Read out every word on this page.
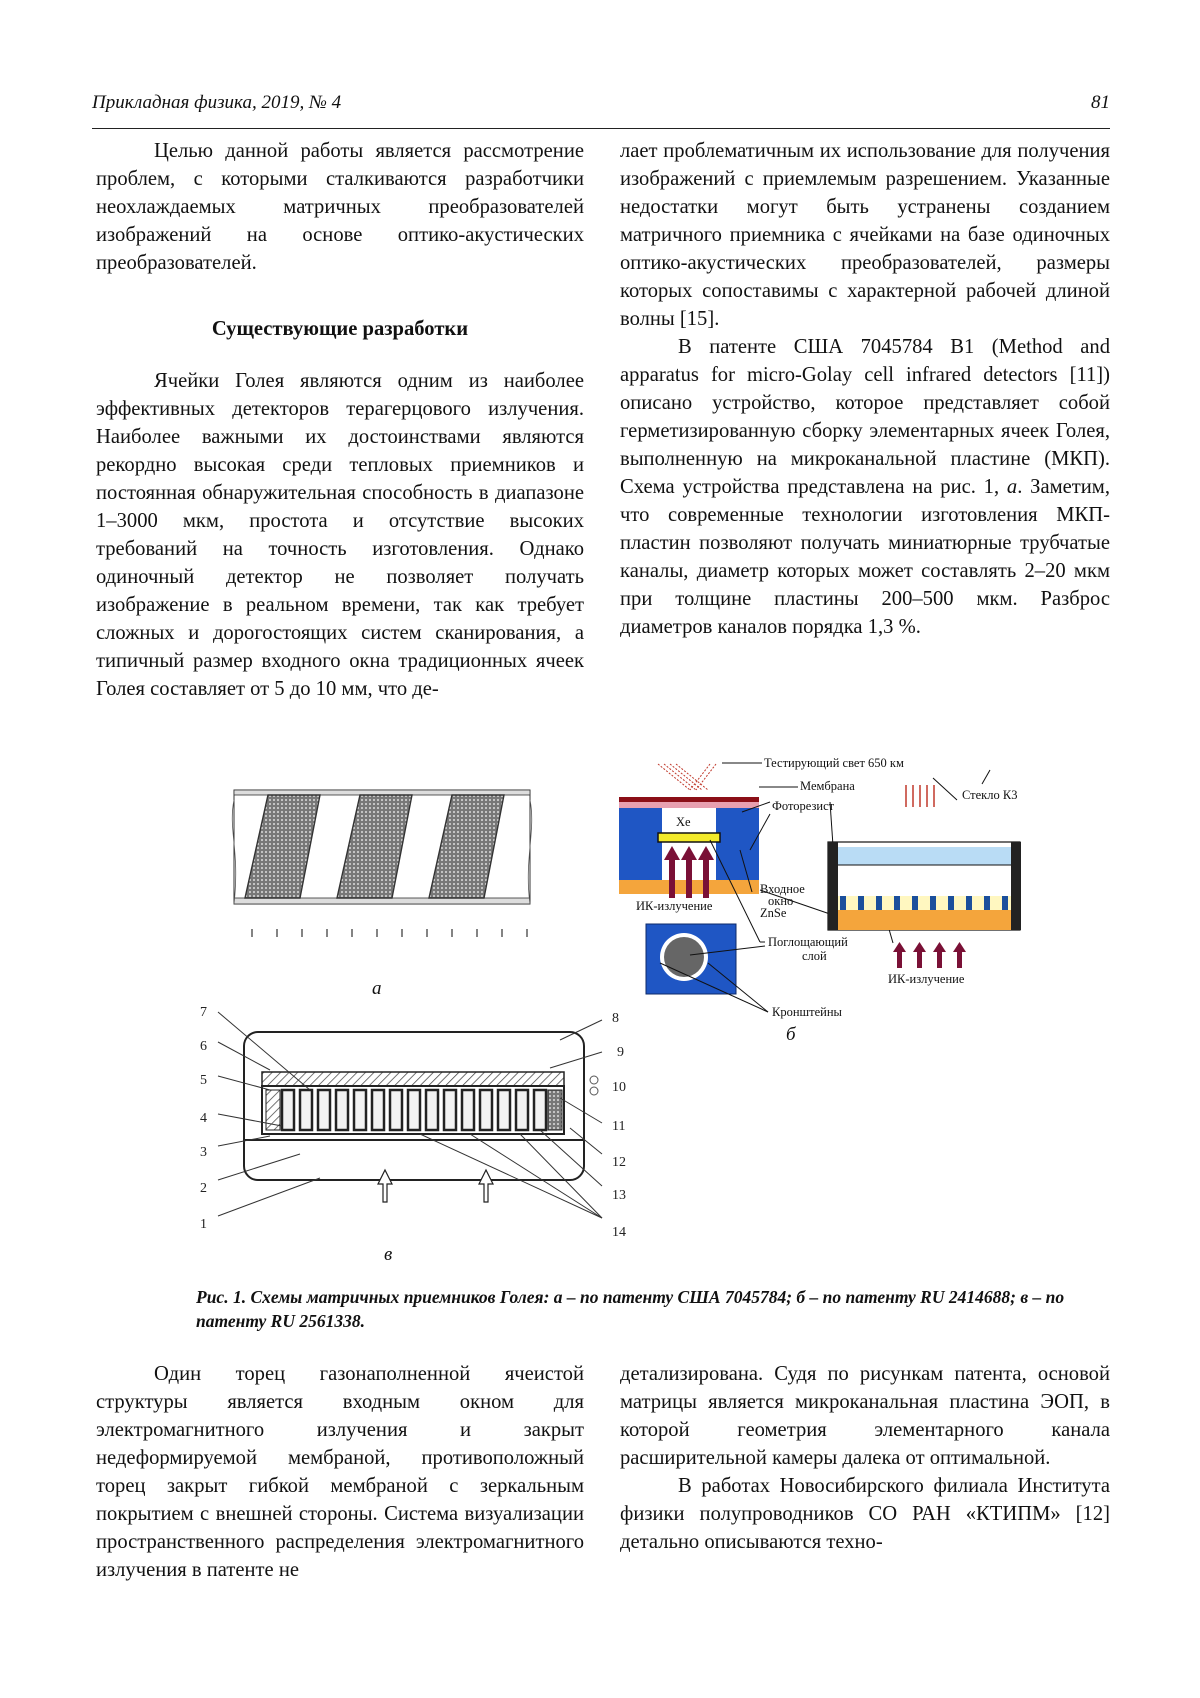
Прикладная физика, 2019, № 4	81

Целью данной работы является рассмотрение проблем, с которыми сталкиваются разработчики неохлаждаемых матричных преобразователей изображений на основе оптико-акустических преобразователей.

Существующие разработки

Ячейки Голея являются одним из наиболее эффективных детекторов терагерцового излучения. Наиболее важными их достоинствами являются рекордно высокая среди тепловых приемников и постоянная обнаружительная способность в диапазоне 1–3000 мкм, простота и отсутствие высоких требований на точность изготовления. Однако одиночный детектор не позволяет получать изображение в реальном времени, так как требует сложных и дорогостоящих систем сканирования, а типичный размер входного окна традиционных ячеек Голея составляет от 5 до 10 мм, что де-

лает проблематичным их использование для получения изображений с приемлемым разрешением. Указанные недостатки могут быть устранены созданием матричного приемника с ячейками на базе одиночных оптико-акустических преобразователей, размеры которых сопоставимы с характерной рабочей длиной волны [15].

В патенте США 7045784 B1 (Method and apparatus for micro-Golay cell infrared detectors [11]) описано устройство, которое представляет собой герметизированную сборку элементарных ячеек Голея, выполненную на микроканальной пластине (МКП). Схема устройства представлена на рис. 1, а. Заметим, что современные технологии изготовления МКП-пластин позволяют получать миниатюрные трубчатые каналы, диаметр которых может составлять 2–20 мкм при толщине пластины 200–500 мкм. Разброс диаметров каналов порядка 1,3 %.

Тестирующий свет 650 км
Мембрана
Xe
Фоторезист
Стекло К3
Входное
окно
ZnSe
ИК-излучение
ИК-излучение
Поглощающий
слой
Кронштейны
7
6
5
4
3
2
1
8
9
10
11
12
13
14
а
б
в
Рис. 1. Схемы матричных приемников Голея: а – по патенту США 7045784; б – по патенту RU 2414688; в – по патенту RU 2561338.

Один торец газонаполненной ячеистой структуры является входным окном для электромагнитного излучения и закрыт недеформируемой мембраной, противоположный торец закрыт гибкой мембраной с зеркальным покрытием с внешней стороны. Система визуализации пространственного распределения электромагнитного излучения в патенте не

детализирована. Судя по рисункам патента, основой матрицы является микроканальная пластина ЭОП, в которой геометрия элементарного канала расширительной камеры далека от оптимальной.

В работах Новосибирского филиала Института физики полупроводников СО РАН «КТИПМ» [12] детально описываются техно-
